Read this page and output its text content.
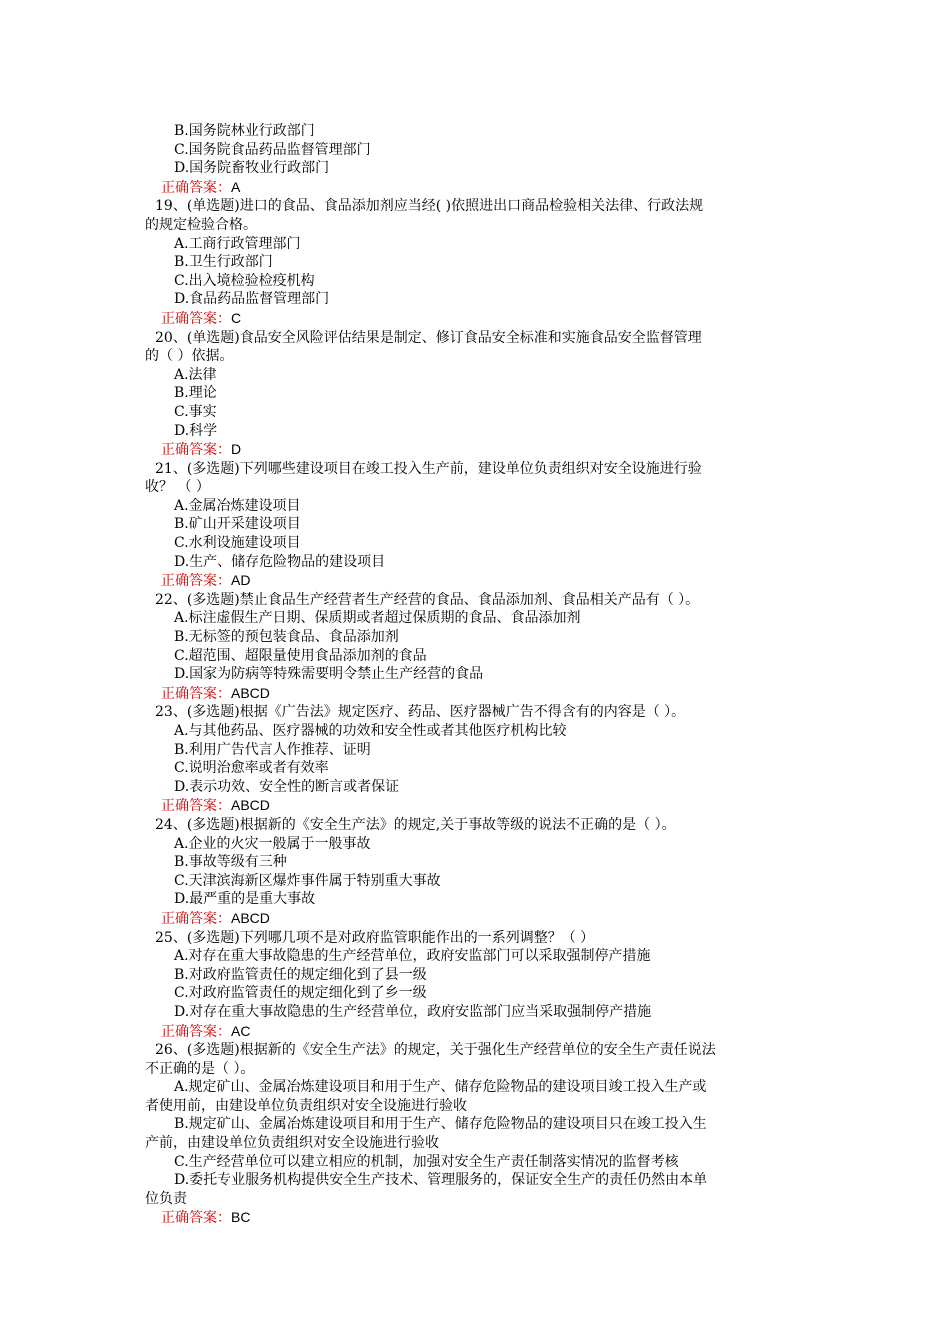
B.国务院林业行政部门
C.国务院食品药品监督管理部门
D.国务院畜牧业行政部门
正确答案：A
19、(单选题)进口的食品、食品添加剂应当经( )依照进出口商品检验相关法律、行政法规
的规定检验合格。
A.工商行政管理部门
B.卫生行政部门
C.出入境检验检疫机构
D.食品药品监督管理部门
正确答案：C
20、(单选题)食品安全风险评估结果是制定、修订食品安全标准和实施食品安全监督管理
的（ ）依据。
A.法律
B.理论
C.事实
D.科学
正确答案：D
21、(多选题)下列哪些建设项目在竣工投入生产前，建设单位负责组织对安全设施进行验
收？ （ ）
A.金属冶炼建设项目
B.矿山开采建设项目
C.水利设施建设项目
D.生产、储存危险物品的建设项目
正确答案：AD
22、(多选题)禁止食品生产经营者生产经营的食品、食品添加剂、食品相关产品有（ ）。
A.标注虚假生产日期、保质期或者超过保质期的食品、食品添加剂
B.无标签的预包装食品、食品添加剂
C.超范围、超限量使用食品添加剂的食品
D.国家为防病等特殊需要明令禁止生产经营的食品
正确答案：ABCD
23、(多选题)根据《广告法》规定医疗、药品、医疗器械广告不得含有的内容是（ ）。
A.与其他药品、医疗器械的功效和安全性或者其他医疗机构比较
B.利用广告代言人作推荐、证明
C.说明治愈率或者有效率
D.表示功效、安全性的断言或者保证
正确答案：ABCD
24、(多选题)根据新的《安全生产法》的规定,关于事故等级的说法不正确的是（ ）。
A.企业的火灾一般属于一般事故
B.事故等级有三种
C.天津滨海新区爆炸事件属于特别重大事故
D.最严重的是重大事故
正确答案：ABCD
25、(多选题)下列哪几项不是对政府监管职能作出的一系列调整？（ ）
A.对存在重大事故隐患的生产经营单位，政府安监部门可以采取强制停产措施
B.对政府监管责任的规定细化到了县一级
C.对政府监管责任的规定细化到了乡一级
D.对存在重大事故隐患的生产经营单位，政府安监部门应当采取强制停产措施
正确答案：AC
26、(多选题)根据新的《安全生产法》的规定，关于强化生产经营单位的安全生产责任说法
不正确的是（ ）。
A.规定矿山、金属冶炼建设项目和用于生产、储存危险物品的建设项目竣工投入生产或
者使用前，由建设单位负责组织对安全设施进行验收
B.规定矿山、金属冶炼建设项目和用于生产、储存危险物品的建设项目只在竣工投入生
产前，由建设单位负责组织对安全设施进行验收
C.生产经营单位可以建立相应的机制，加强对安全生产责任制落实情况的监督考核
D.委托专业服务机构提供安全生产技术、管理服务的，保证安全生产的责任仍然由本单
位负责
正确答案：BC
